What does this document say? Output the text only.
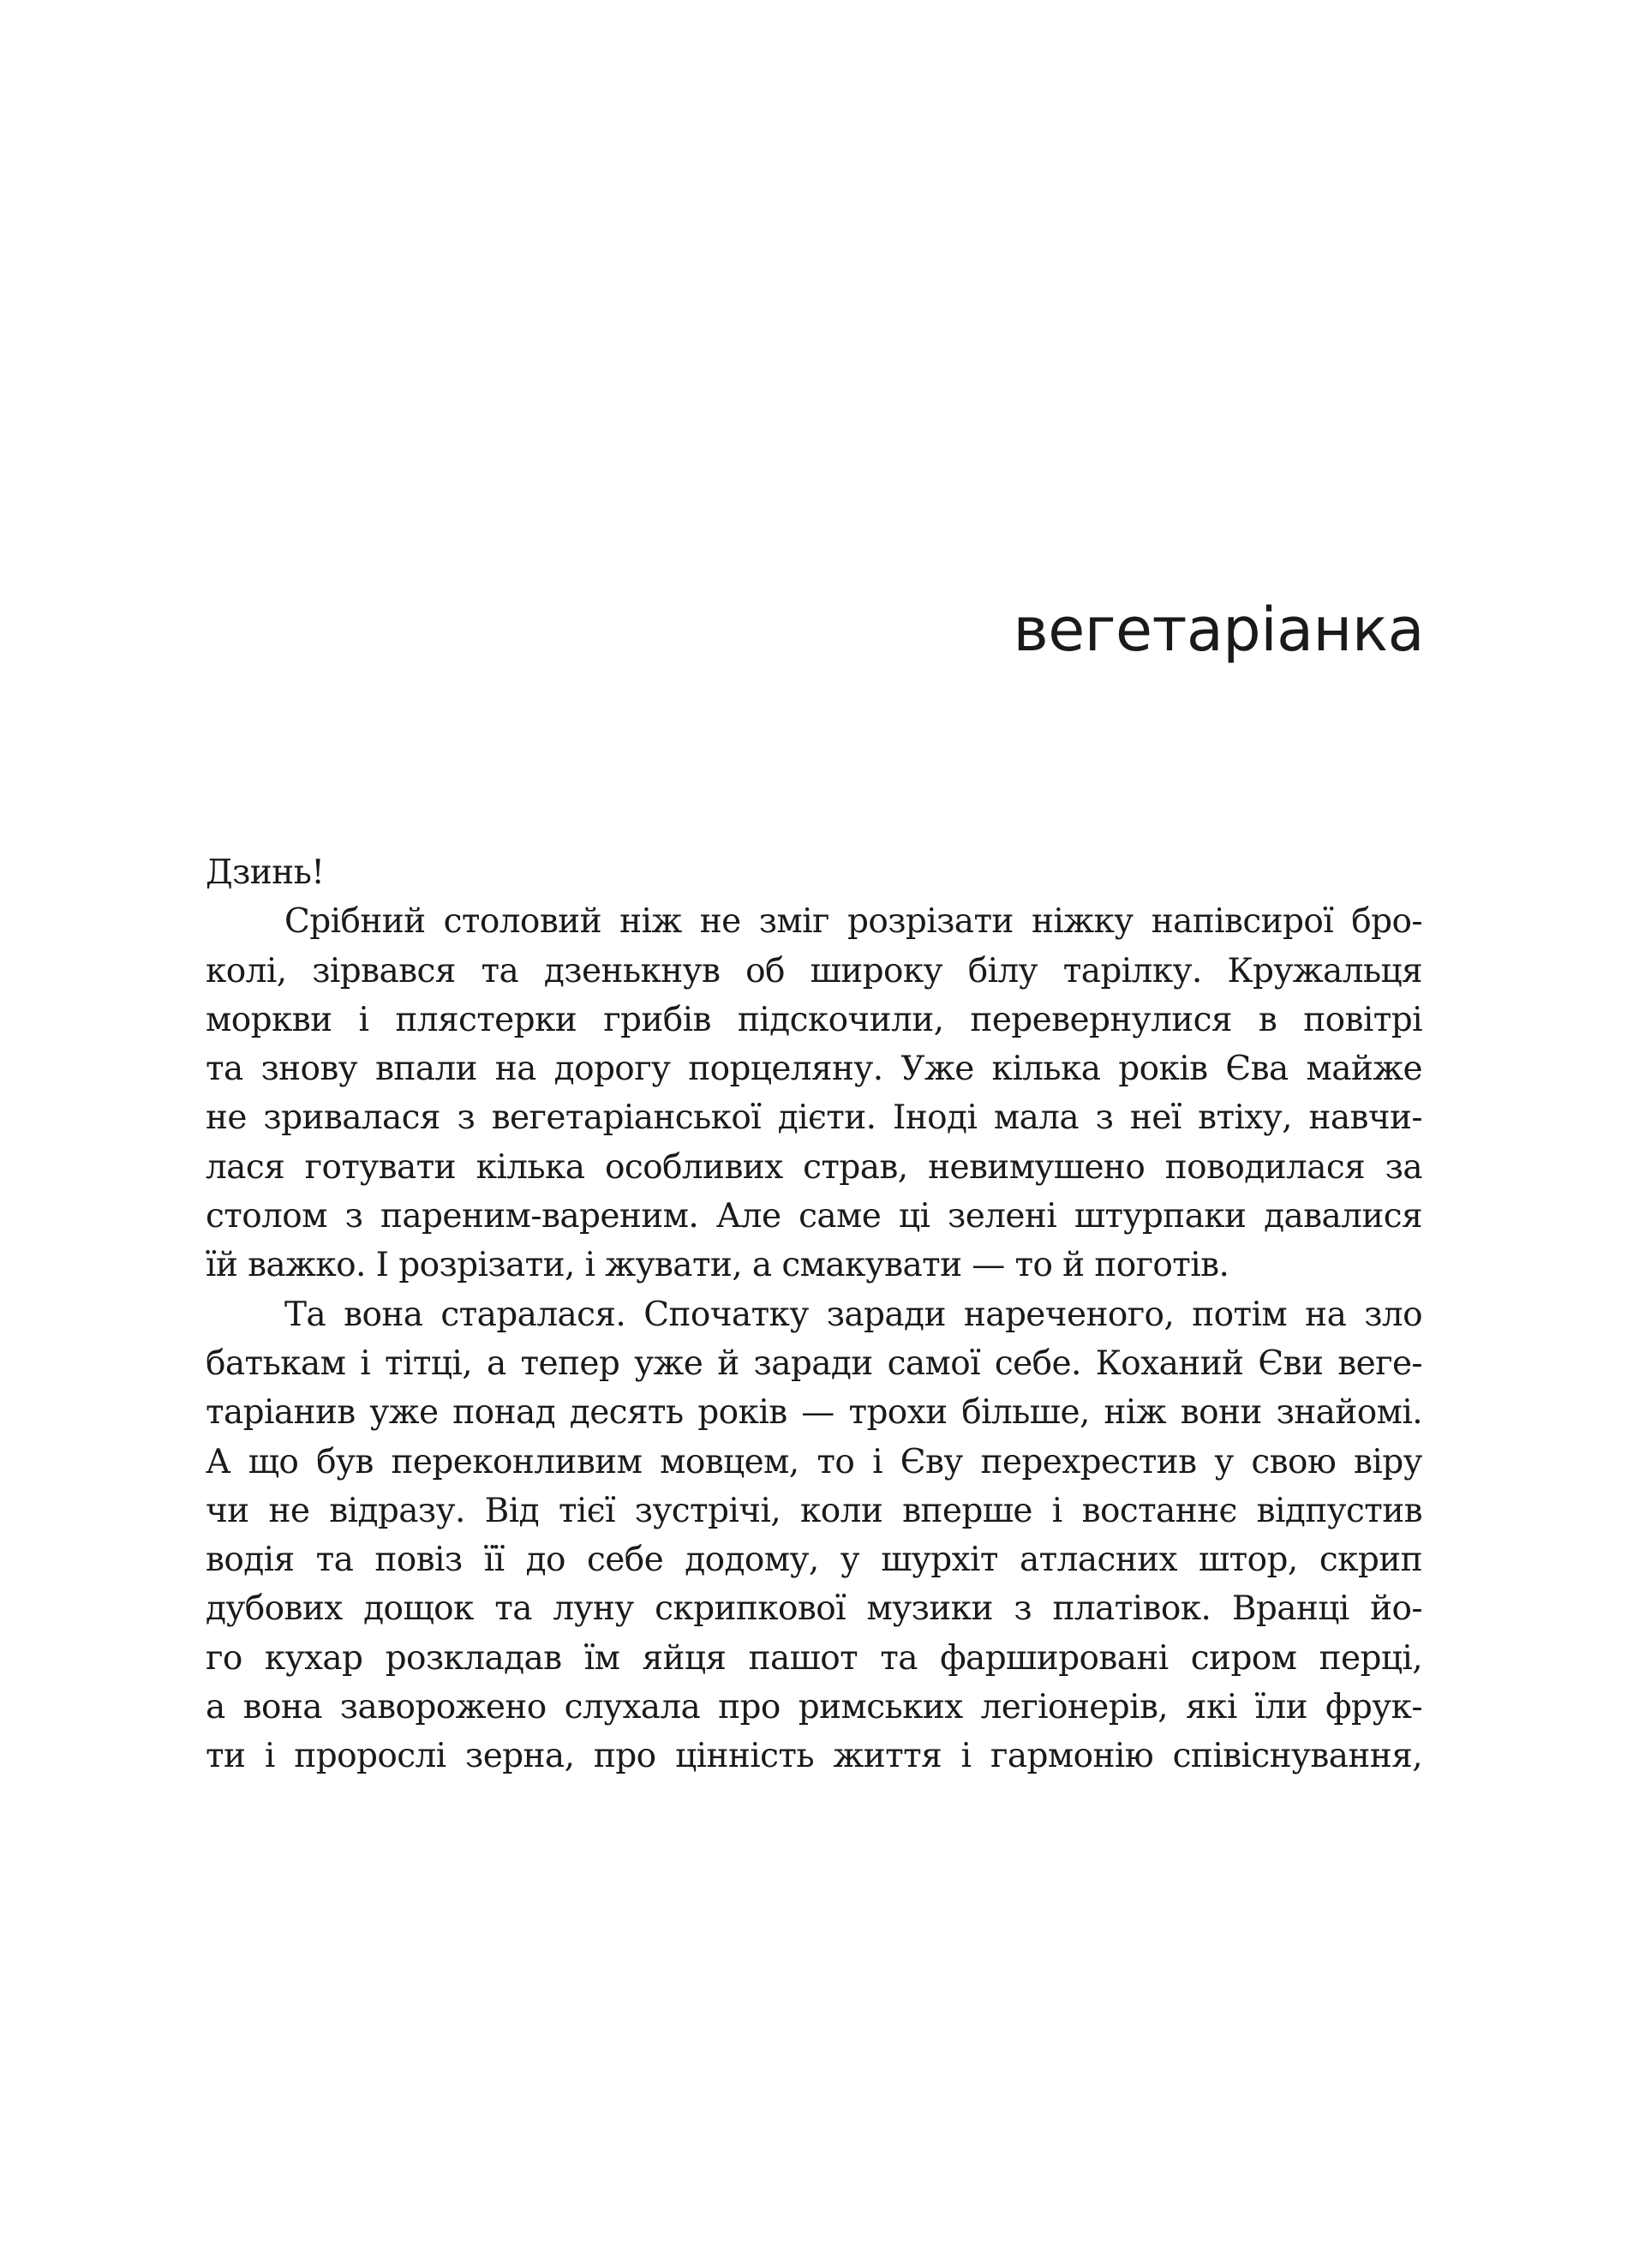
вегетаріанка
Дзинь!
Срібний столовий ніж не зміг розрізати ніжку напівсирої бро-
колі, зірвався та дзенькнув об широку білу тарілку. Кружальця
моркви і плястерки грибів підскочили, перевернулися в повітрі
та знову впали на дорогу порцеляну. Уже кілька років Єва майже
не зривалася з вегетаріанської дієти. Іноді мала з неї втіху, навчи-
лася готувати кілька особливих страв, невимушено поводилася за
столом з пареним-вареним. Але саме ці зелені штурпаки давалися
їй важко. І розрізати, і жувати, а смакувати — то й поготів.
Та вона старалася. Спочатку заради нареченого, потім на зло
батькам і тітці, а тепер уже й заради самої себе. Коханий Єви веге-
таріанив уже понад десять років — трохи більше, ніж вони знайомі.
А що був переконливим мовцем, то і Єву перехрестив у свою віру
чи не відразу. Від тієї зустрічі, коли вперше і востаннє відпустив
водія та повіз її до себе додому, у шурхіт атласних штор, скрип
дубових дощок та луну скрипкової музики з платівок. Вранці йо-
го кухар розкладав їм яйця пашот та фаршировані сиром перці,
а вона заворожено слухала про римських легіонерів, які їли фрук-
ти і пророслі зерна, про цінність життя і гармонію співіснування,
